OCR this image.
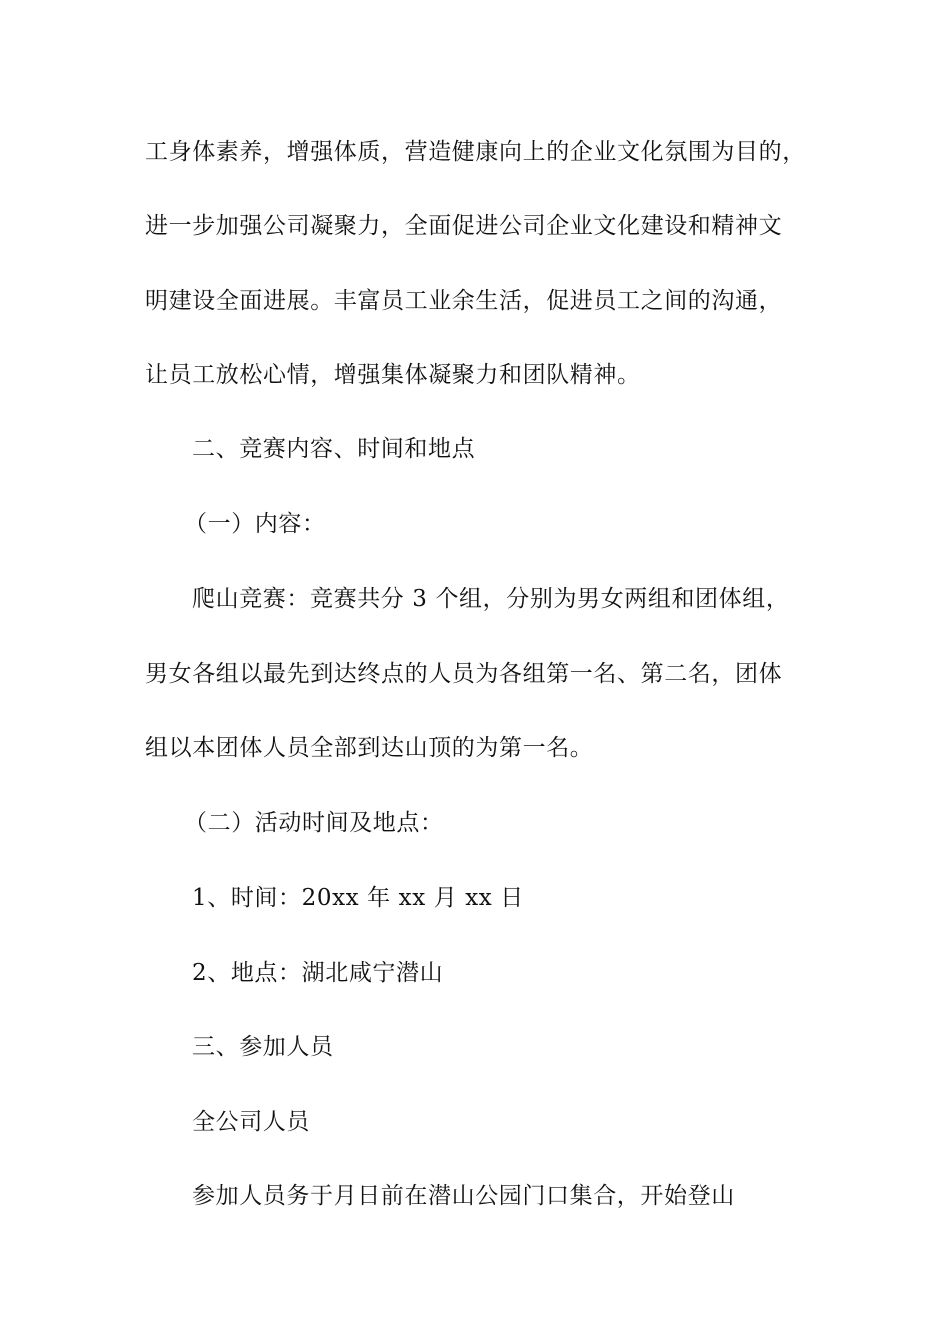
工身体素养，增强体质，营造健康向上的企业文化氛围为目的，
进一步加强公司凝聚力，全面促进公司企业文化建设和精神文
明建设全面进展。丰富员工业余生活，促进员工之间的沟通，
让员工放松心情，增强集体凝聚力和团队精神。
二、竞赛内容、时间和地点
（一）内容：
爬山竞赛：竞赛共分 3 个组，分别为男女两组和团体组，
男女各组以最先到达终点的人员为各组第一名、第二名，团体
组以本团体人员全部到达山顶的为第一名。
（二）活动时间及地点：
1、时间：20xx 年 xx 月 xx 日
2、地点：湖北咸宁潜山
三、参加人员
全公司人员
参加人员务于月日前在潜山公园门口集合，开始登山
